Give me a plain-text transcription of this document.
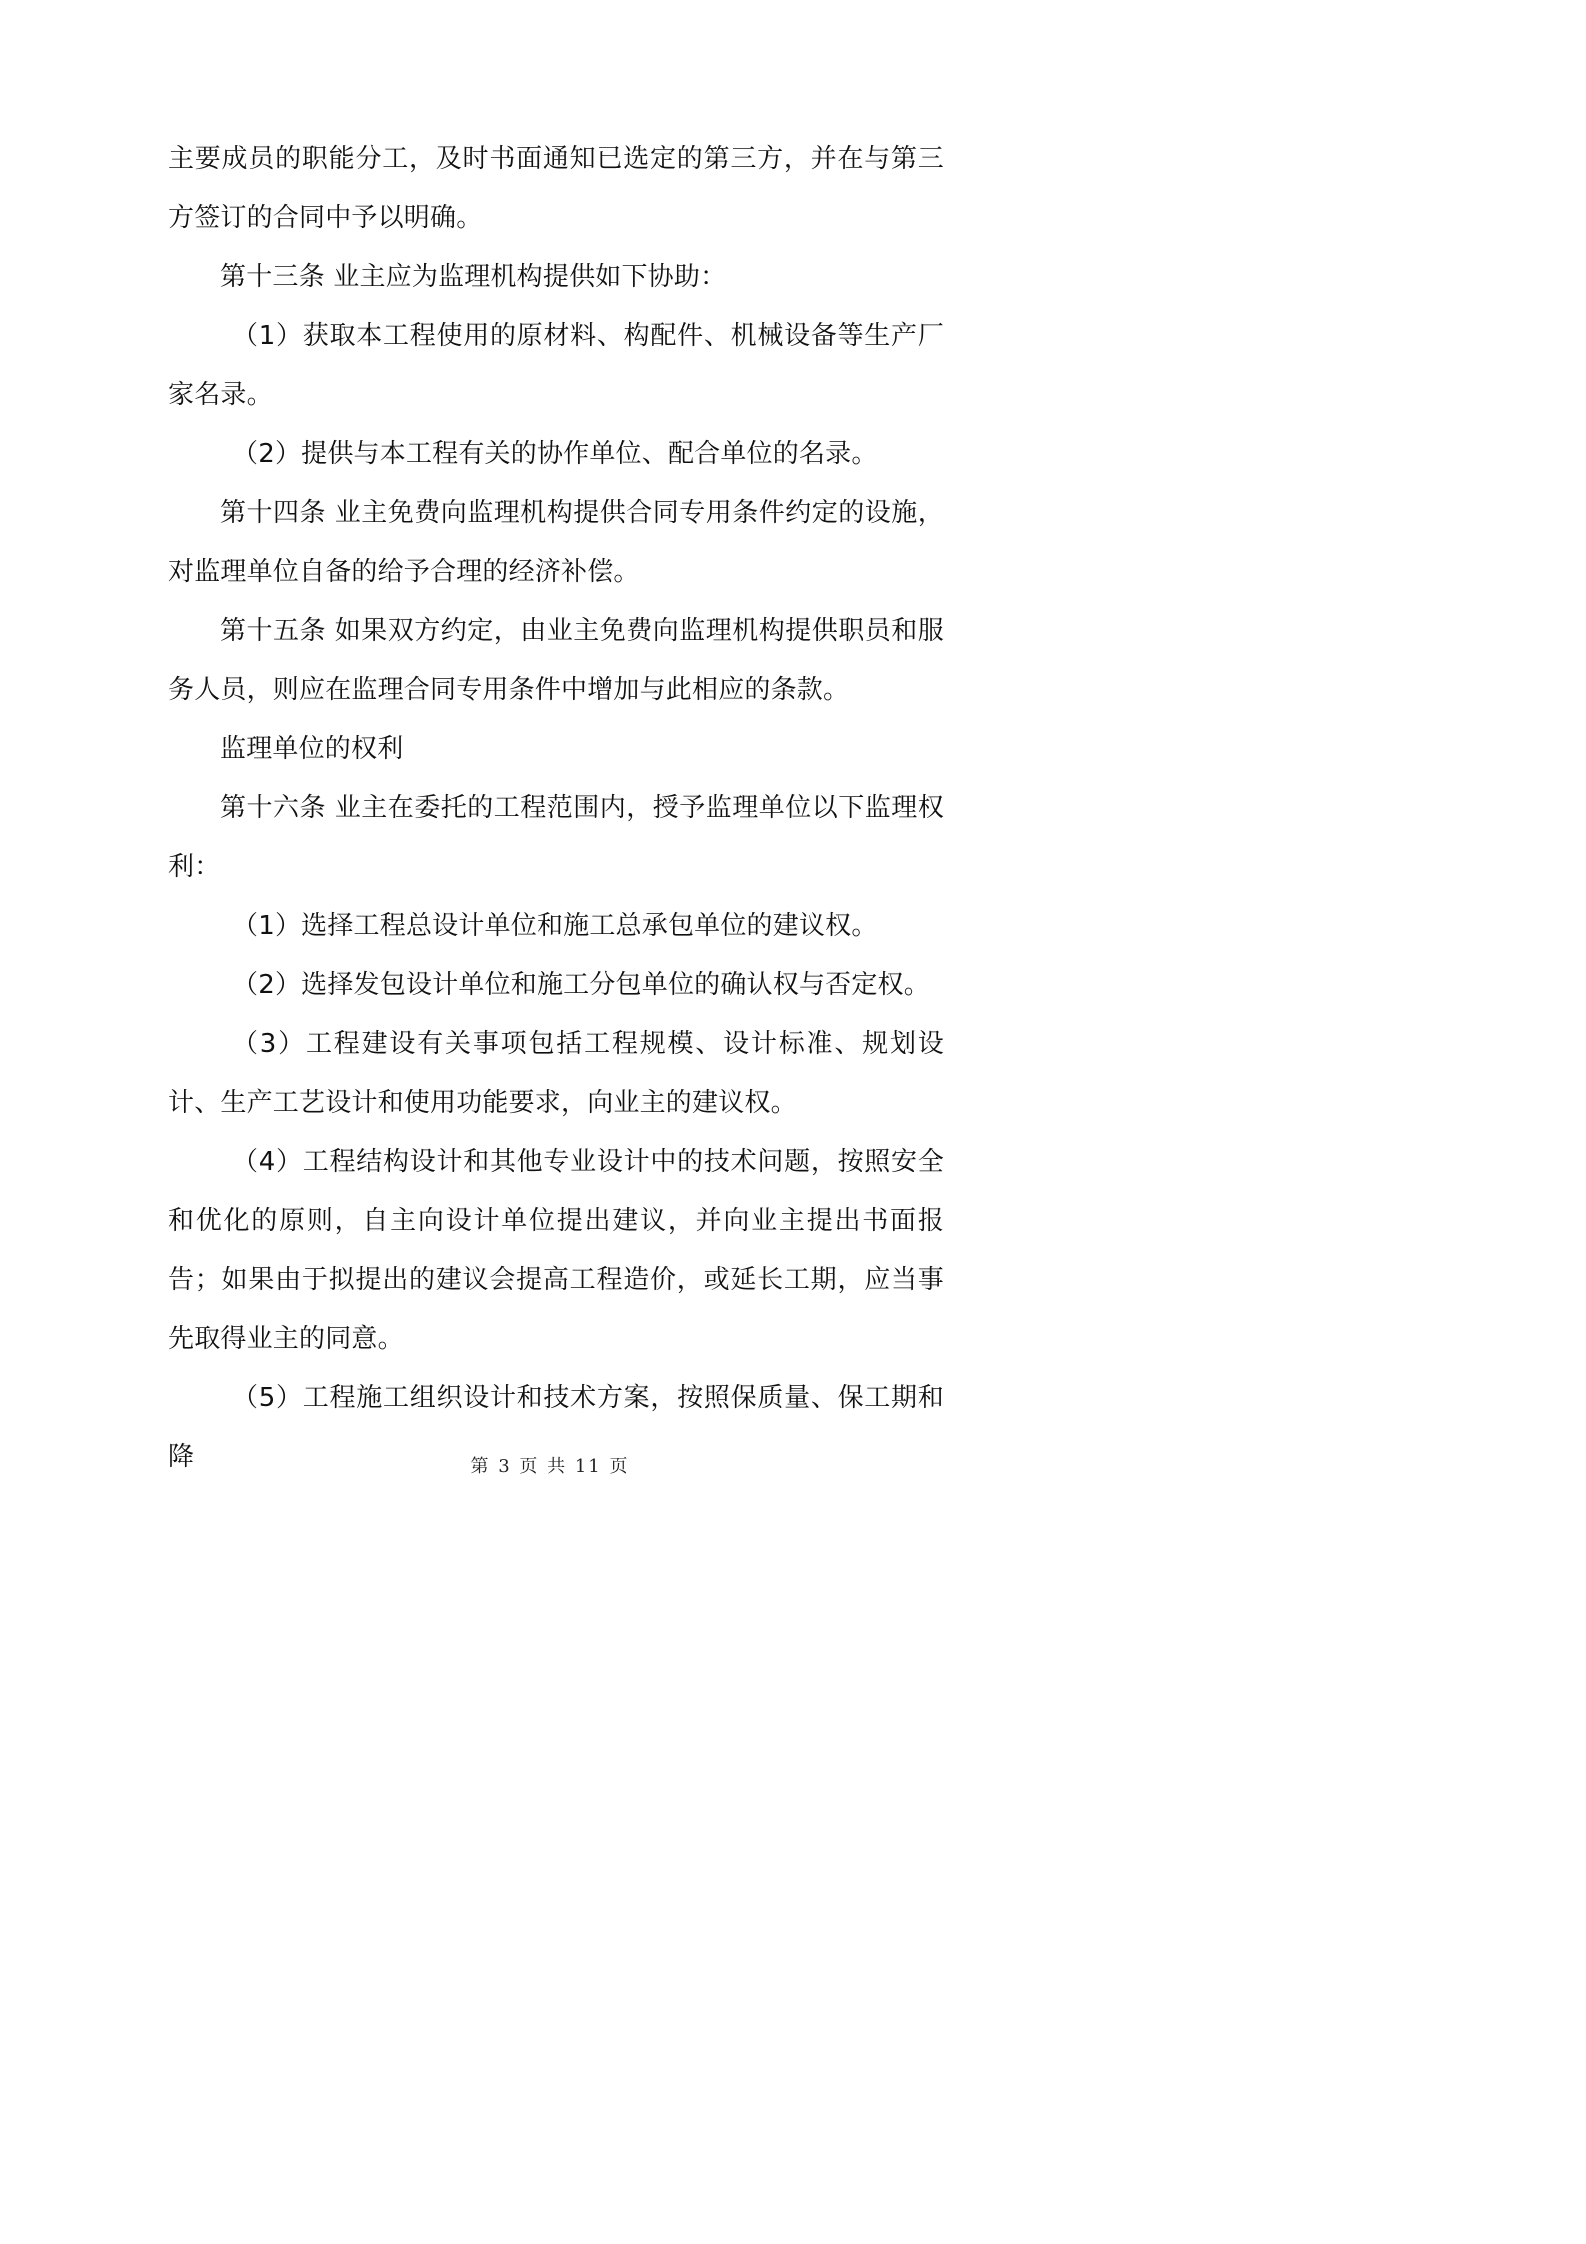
主要成员的职能分工，及时书面通知已选定的第三方，并在与第三方签订的合同中予以明确。

第十三条 业主应为监理机构提供如下协助：

（1）获取本工程使用的原材料、构配件、机械设备等生产厂家名录。

（2）提供与本工程有关的协作单位、配合单位的名录。

第十四条 业主免费向监理机构提供合同专用条件约定的设施，对监理单位自备的给予合理的经济补偿。

第十五条 如果双方约定，由业主免费向监理机构提供职员和服务人员，则应在监理合同专用条件中增加与此相应的条款。

监理单位的权利

第十六条 业主在委托的工程范围内，授予监理单位以下监理权利：

（1）选择工程总设计单位和施工总承包单位的建议权。

（2）选择发包设计单位和施工分包单位的确认权与否定权。

（3）工程建设有关事项包括工程规模、设计标准、规划设计、生产工艺设计和使用功能要求，向业主的建议权。

（4）工程结构设计和其他专业设计中的技术问题，按照安全和优化的原则，自主向设计单位提出建议，并向业主提出书面报告；如果由于拟提出的建议会提高工程造价，或延长工期，应当事先取得业主的同意。

（5）工程施工组织设计和技术方案，按照保质量、保工期和降	第 3 页 共 11 页
